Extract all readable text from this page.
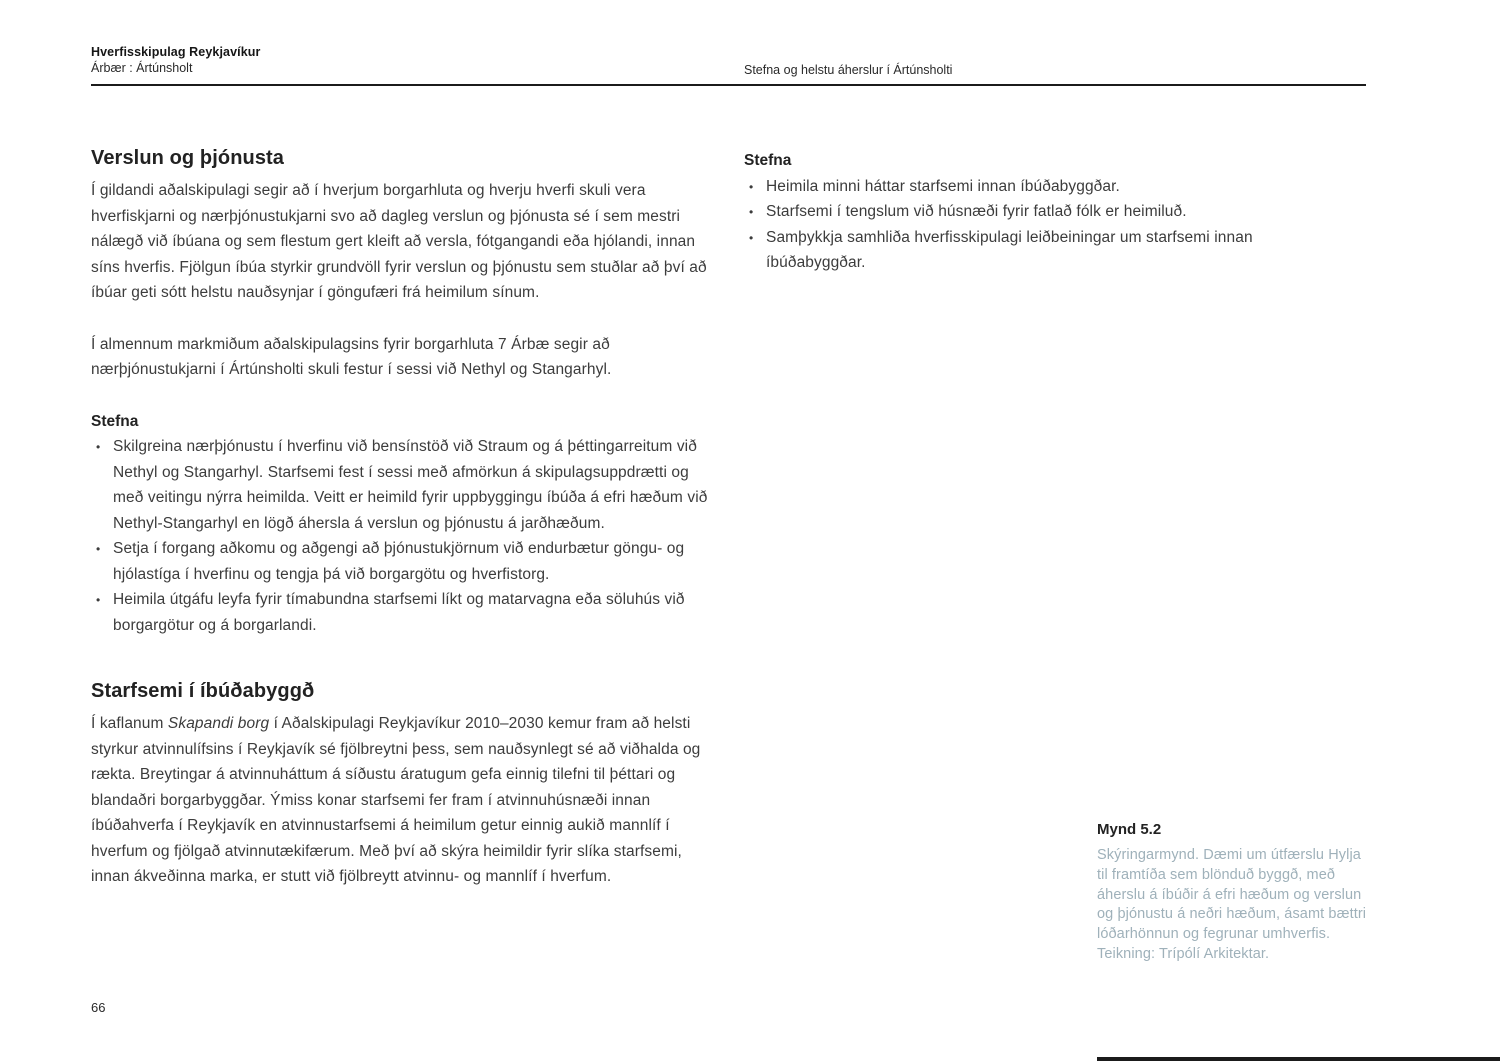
Hverfisskipulag Reykjavíkur
Árbær : Ártúnsholt	Stefna og helstu áherslur í Ártúnsholti
Verslun og þjónusta

Í gildandi aðalskipulagi segir að í hverjum borgarhluta og hverju hverfi skuli vera hverfiskjarni og nærþjónustukjarni svo að dagleg verslun og þjónusta sé í sem mestri nálægð við íbúana og sem flestum gert kleift að versla, fótgangandi eða hjólandi, innan síns hverfis. Fjölgun íbúa styrkir grundvöll fyrir verslun og þjónustu sem stuðlar að því að íbúar geti sótt helstu nauðsynjar í göngufæri frá heimilum sínum.

Í almennum markmiðum aðalskipulagsins fyrir borgarhluta 7 Árbæ segir að nærþjónustukjarni í Ártúnsholti skuli festur í sessi við Nethyl og Stangarhyl.

Stefna
•
Skilgreina nærþjónustu í hverfinu við bensínstöð við Straum og á þéttingarreitum við Nethyl og Stangarhyl. Starfsemi fest í sessi með afmörkun á skipulagsuppdrætti og með veitingu nýrra heimilda. Veitt er heimild fyrir uppbyggingu íbúða á efri hæðum við Nethyl-Stangarhyl en lögð áhersla á verslun og þjónustu á jarðhæðum.
•
Setja í forgang aðkomu og aðgengi að þjónustukjörnum við endurbætur göngu- og hjólastíga í hverfinu og tengja þá við borgargötu og hverfistorg.
•
Heimila útgáfu leyfa fyrir tímabundna starfsemi líkt og matarvagna eða söluhús við borgargötur og á borgarlandi.
Starfsemi í íbúðabyggð

Í kaflanum Skapandi borg í Aðalskipulagi Reykjavíkur 2010–2030 kemur fram að helsti styrkur atvinnulífsins í Reykjavík sé fjölbreytni þess, sem nauðsynlegt sé að viðhalda og rækta. Breytingar á atvinnuháttum á síðustu áratugum gefa einnig tilefni til þéttari og blandaðri borgarbyggðar. Ýmiss konar starfsemi fer fram í atvinnuhúsnæði innan íbúðahverfa í Reykjavík en atvinnustarfsemi á heimilum getur einnig aukið mannlíf í hverfum og fjölgað atvinnutækifærum. Með því að skýra heimildir fyrir slíka starfsemi, innan ákveðinna marka, er stutt við fjölbreytt atvinnu- og mannlíf í hverfum.

Stefna
•
Heimila minni háttar starfsemi innan íbúðabyggðar.
•
Starfsemi í tengslum við húsnæði fyrir fatlað fólk er heimiluð.
•
Samþykkja samhliða hverfisskipulagi leiðbeiningar um starfsemi innan íbúðabyggðar.
Mynd 5.2
Skýringarmynd. Dæmi um útfærslu Hylja til framtíða sem blönduð byggð, með áherslu á íbúðir á efri hæðum og verslun og þjónustu á neðri hæðum, ásamt bættri lóðarhönnun og fegrunar umhverfis.
Teikning: Trípólí Arkitektar.
66
